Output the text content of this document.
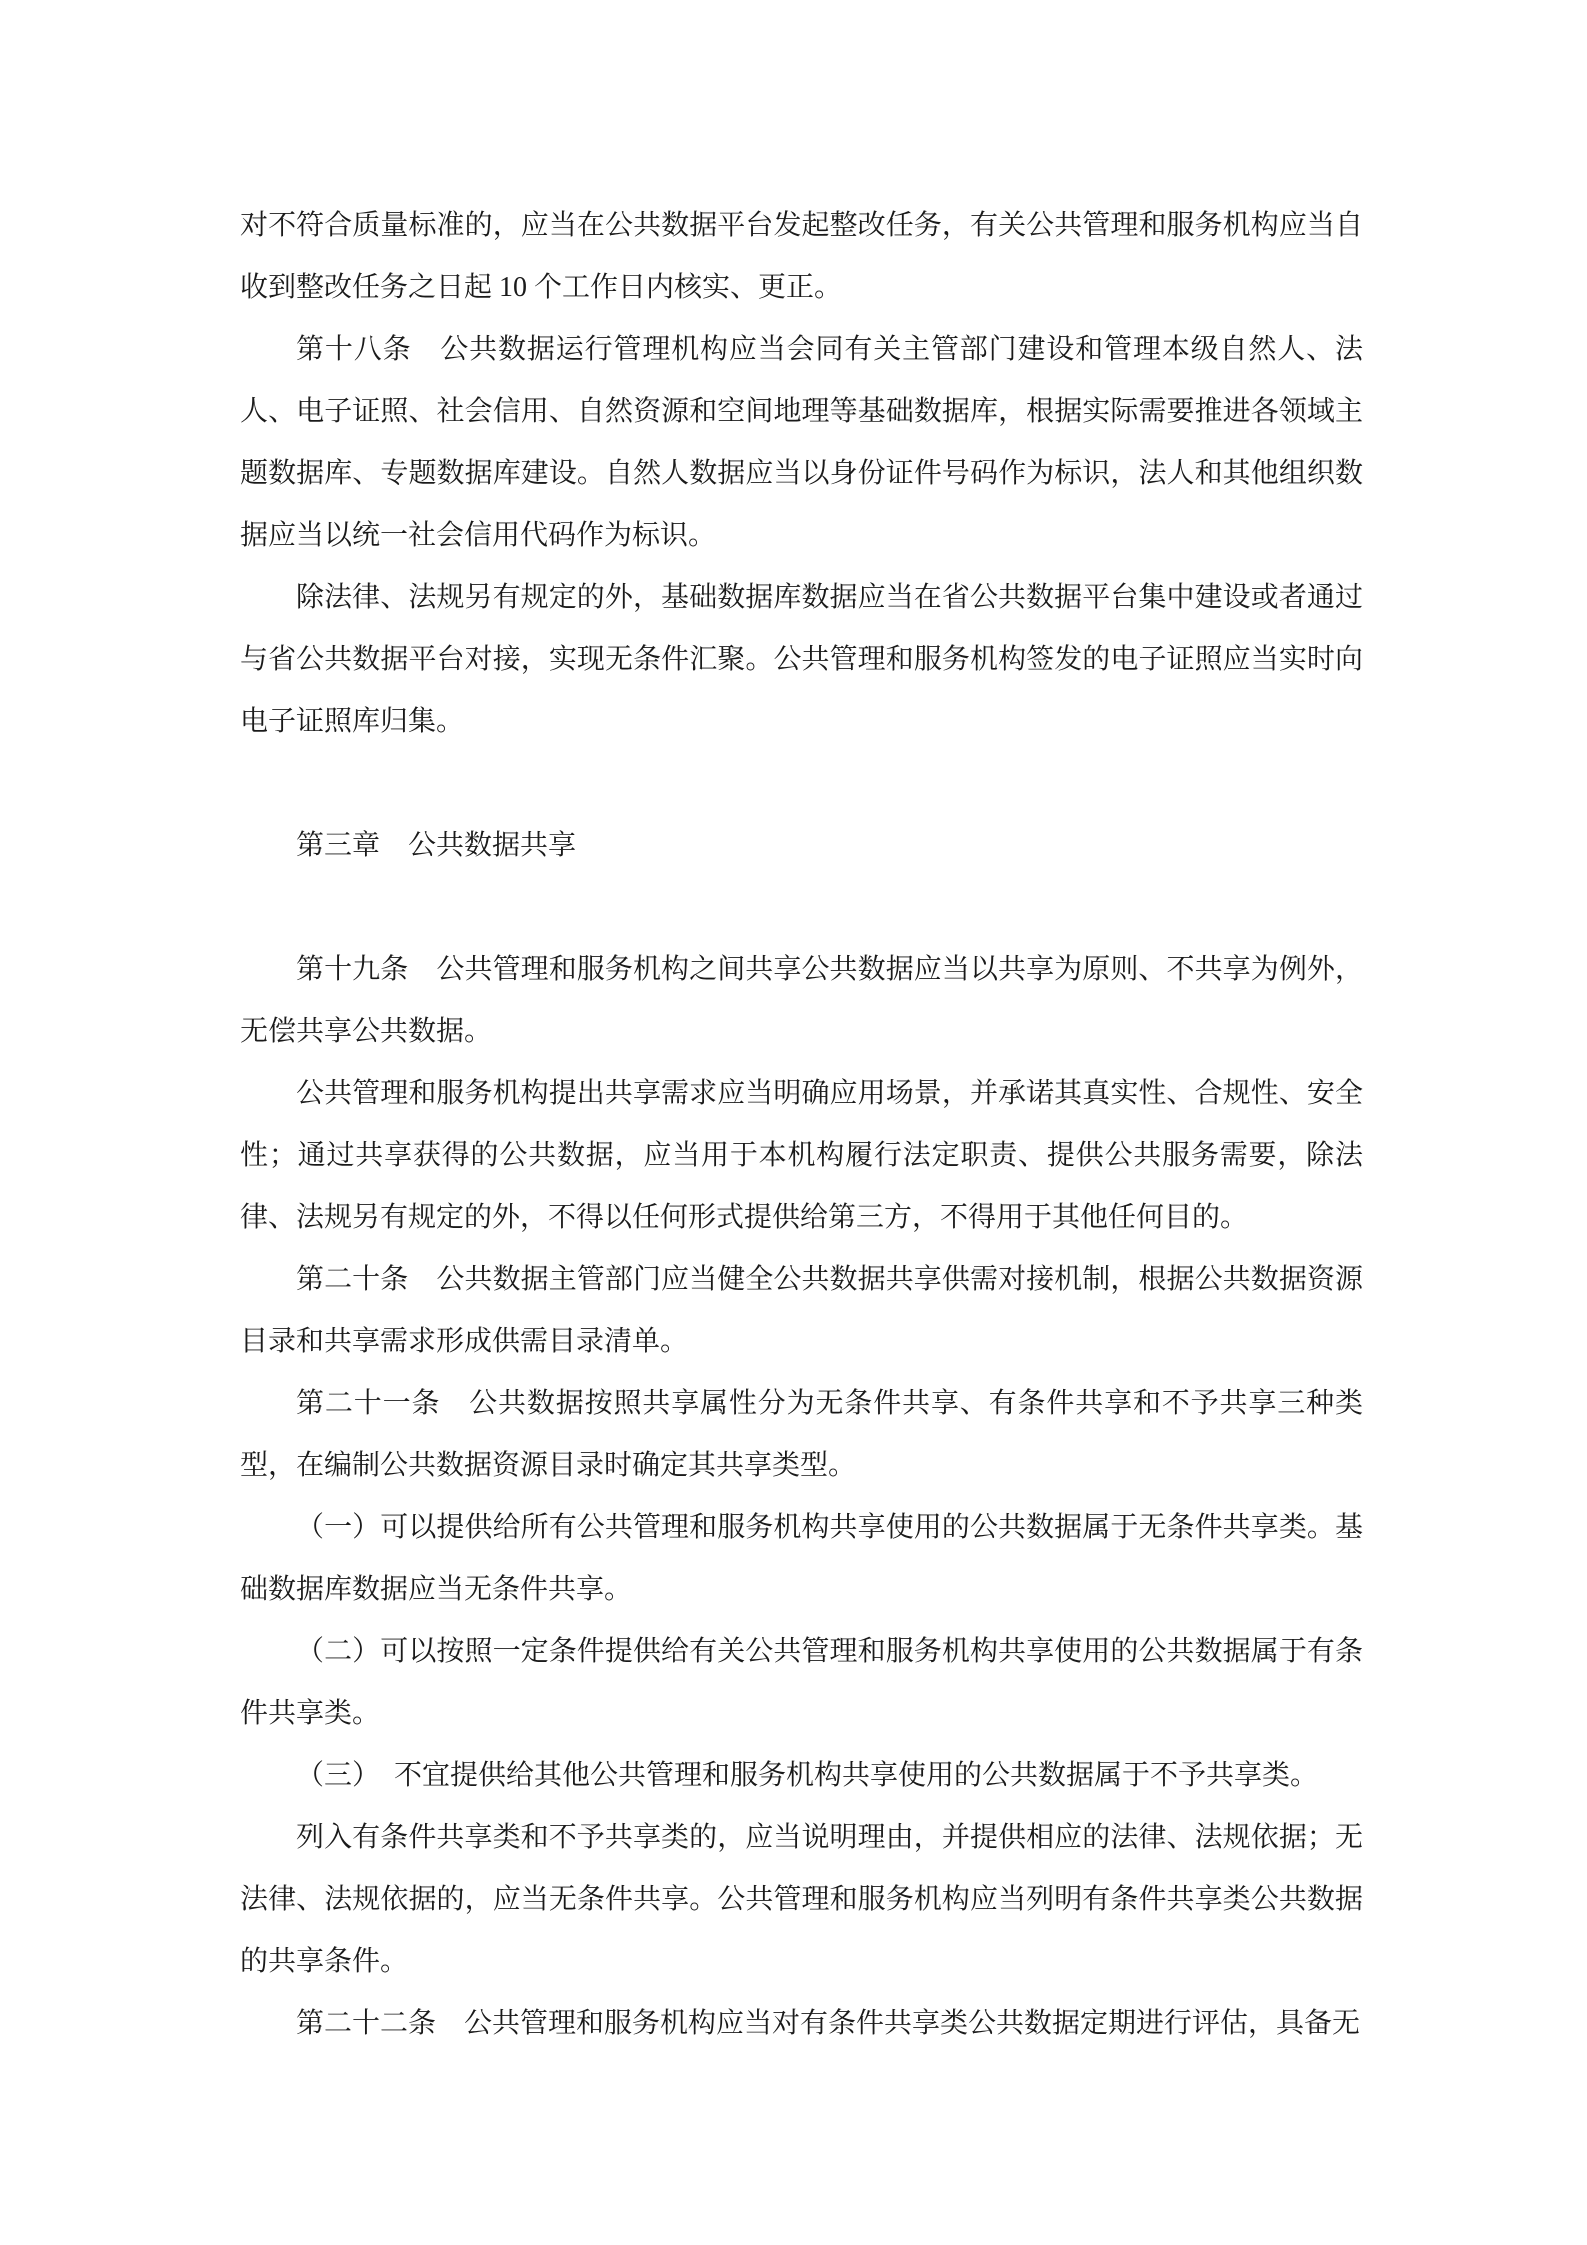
对不符合质量标准的，应当在公共数据平台发起整改任务，有关公共管理和服务机构应当自收到整改任务之日起 10 个工作日内核实、更正。

第十八条　公共数据运行管理机构应当会同有关主管部门建设和管理本级自然人、法人、电子证照、社会信用、自然资源和空间地理等基础数据库，根据实际需要推进各领域主题数据库、专题数据库建设。自然人数据应当以身份证件号码作为标识，法人和其他组织数据应当以统一社会信用代码作为标识。

除法律、法规另有规定的外，基础数据库数据应当在省公共数据平台集中建设或者通过与省公共数据平台对接，实现无条件汇聚。公共管理和服务机构签发的电子证照应当实时向电子证照库归集。

第三章　公共数据共享

第十九条　公共管理和服务机构之间共享公共数据应当以共享为原则、不共享为例外，无偿共享公共数据。

公共管理和服务机构提出共享需求应当明确应用场景，并承诺其真实性、合规性、安全性；通过共享获得的公共数据，应当用于本机构履行法定职责、提供公共服务需要，除法律、法规另有规定的外，不得以任何形式提供给第三方，不得用于其他任何目的。

第二十条　公共数据主管部门应当健全公共数据共享供需对接机制，根据公共数据资源目录和共享需求形成供需目录清单。

第二十一条　公共数据按照共享属性分为无条件共享、有条件共享和不予共享三种类型，在编制公共数据资源目录时确定其共享类型。

（一）可以提供给所有公共管理和服务机构共享使用的公共数据属于无条件共享类。基础数据库数据应当无条件共享。

（二）可以按照一定条件提供给有关公共管理和服务机构共享使用的公共数据属于有条件共享类。

（三）　不宜提供给其他公共管理和服务机构共享使用的公共数据属于不予共享类。

列入有条件共享类和不予共享类的，应当说明理由，并提供相应的法律、法规依据；无法律、法规依据的，应当无条件共享。公共管理和服务机构应当列明有条件共享类公共数据的共享条件。

第二十二条　公共管理和服务机构应当对有条件共享类公共数据定期进行评估，具备无
